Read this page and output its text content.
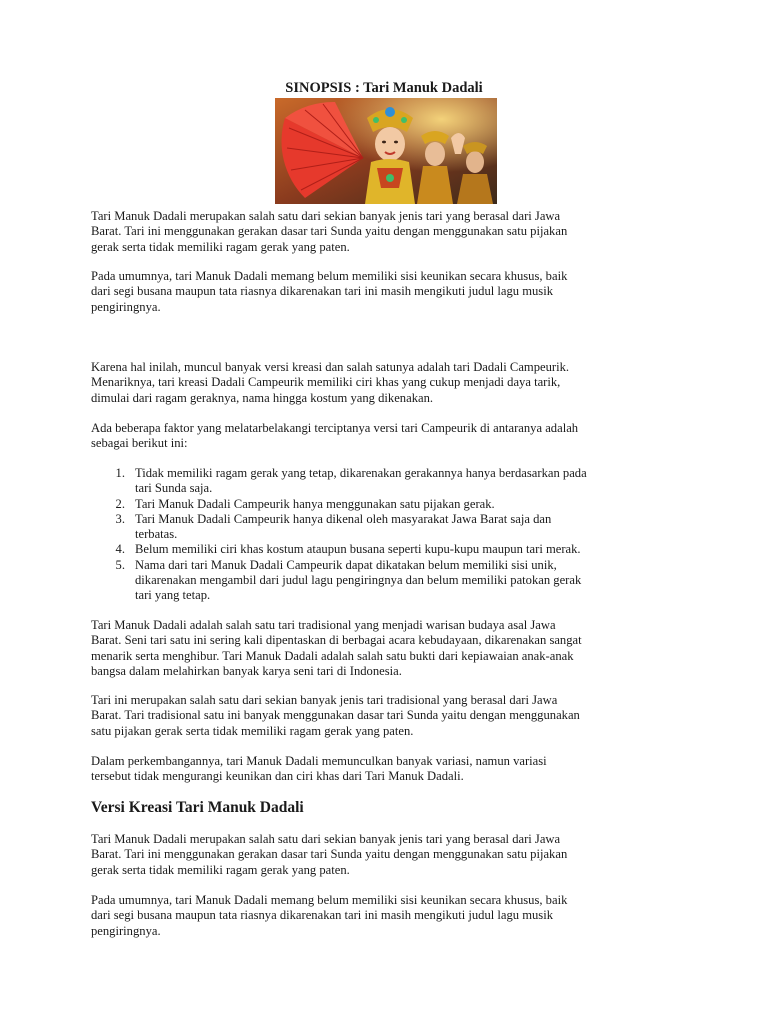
SINOPSIS : Tari Manuk Dadali

Tari Manuk Dadali merupakan salah satu dari sekian banyak jenis tari yang berasal dari Jawa

Barat. Tari ini menggunakan gerakan dasar tari Sunda yaitu dengan menggunakan satu pijakan

gerak serta tidak memiliki ragam gerak yang paten.

Pada umumnya, tari Manuk Dadali memang belum memiliki sisi keunikan secara khusus, baik

dari segi busana maupun tata riasnya dikarenakan tari ini masih mengikuti judul lagu musik

pengiringnya.

Karena hal inilah, muncul banyak versi kreasi dan salah satunya adalah tari Dadali Campeurik.

Menariknya, tari kreasi Dadali Campeurik memiliki ciri khas yang cukup menjadi daya tarik,

dimulai dari ragam geraknya, nama hingga kostum yang dikenakan.

Ada beberapa faktor yang melatarbelakangi terciptanya versi tari Campeurik di antaranya adalah

sebagai berikut ini:

1. Tidak memiliki ragam gerak yang tetap, dikarenakan gerakannya hanya berdasarkan pada

tari Sunda saja.

2. Tari Manuk Dadali Campeurik hanya menggunakan satu pijakan gerak.

3. Tari Manuk Dadali Campeurik hanya dikenal oleh masyarakat Jawa Barat saja dan

terbatas.

4. Belum memiliki ciri khas kostum ataupun busana seperti kupu-kupu maupun tari merak.

5. Nama dari tari Manuk Dadali Campeurik dapat dikatakan belum memiliki sisi unik,

dikarenakan mengambil dari judul lagu pengiringnya dan belum memiliki patokan gerak

tari yang tetap.

Tari Manuk Dadali adalah salah satu tari tradisional yang menjadi warisan budaya asal Jawa

Barat. Seni tari satu ini sering kali dipentaskan di berbagai acara kebudayaan, dikarenakan sangat

menarik serta menghibur. Tari Manuk Dadali adalah salah satu bukti dari kepiawaian anak-anak

bangsa dalam melahirkan banyak karya seni tari di Indonesia.

Tari ini merupakan salah satu dari sekian banyak jenis tari tradisional yang berasal dari Jawa

Barat. Tari tradisional satu ini banyak menggunakan dasar tari Sunda yaitu dengan menggunakan

satu pijakan gerak serta tidak memiliki ragam gerak yang paten.

Dalam perkembangannya, tari Manuk Dadali memunculkan banyak variasi, namun variasi

tersebut tidak mengurangi keunikan dan ciri khas dari Tari Manuk Dadali.

Versi Kreasi Tari Manuk Dadali

Tari Manuk Dadali merupakan salah satu dari sekian banyak jenis tari yang berasal dari Jawa

Barat. Tari ini menggunakan gerakan dasar tari Sunda yaitu dengan menggunakan satu pijakan

gerak serta tidak memiliki ragam gerak yang paten.

Pada umumnya, tari Manuk Dadali memang belum memiliki sisi keunikan secara khusus, baik

dari segi busana maupun tata riasnya dikarenakan tari ini masih mengikuti judul lagu musik

pengiringnya.
